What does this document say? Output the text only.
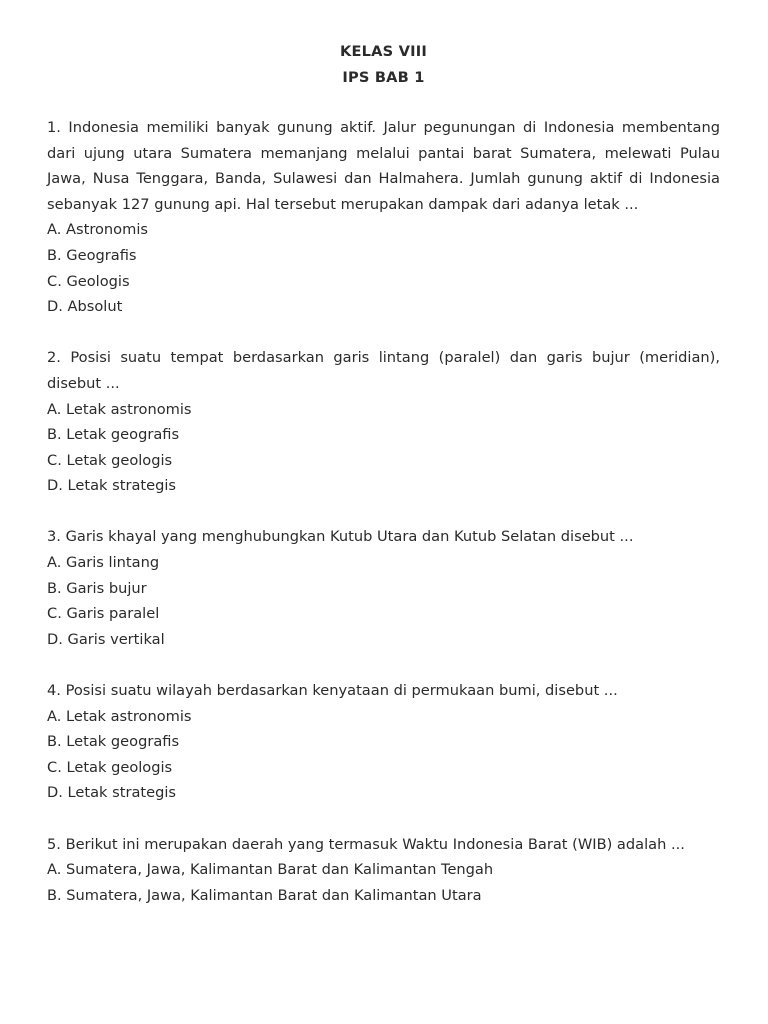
KELAS VIII
IPS BAB 1

1. Indonesia memiliki banyak gunung aktif. Jalur pegunungan di Indonesia membentang dari ujung utara Sumatera memanjang melalui pantai barat Sumatera, melewati Pulau Jawa, Nusa Tenggara, Banda, Sulawesi dan Halmahera. Jumlah gunung aktif di Indonesia sebanyak 127 gunung api. Hal tersebut merupakan dampak dari adanya letak ...

A. Astronomis

B. Geografis

C. Geologis

D. Absolut

2. Posisi suatu tempat berdasarkan garis lintang (paralel) dan garis bujur (meridian), disebut ...

A. Letak astronomis

B. Letak geografis

C. Letak geologis

D. Letak strategis

3. Garis khayal yang menghubungkan Kutub Utara dan Kutub Selatan disebut ...

A. Garis lintang

B. Garis bujur

C. Garis paralel

D. Garis vertikal

4. Posisi suatu wilayah berdasarkan kenyataan di permukaan bumi, disebut ...

A. Letak astronomis

B. Letak geografis

C. Letak geologis

D. Letak strategis

5. Berikut ini merupakan daerah yang termasuk Waktu Indonesia Barat (WIB) adalah ...

A. Sumatera, Jawa, Kalimantan Barat dan Kalimantan Tengah

B. Sumatera, Jawa, Kalimantan Barat dan Kalimantan Utara
